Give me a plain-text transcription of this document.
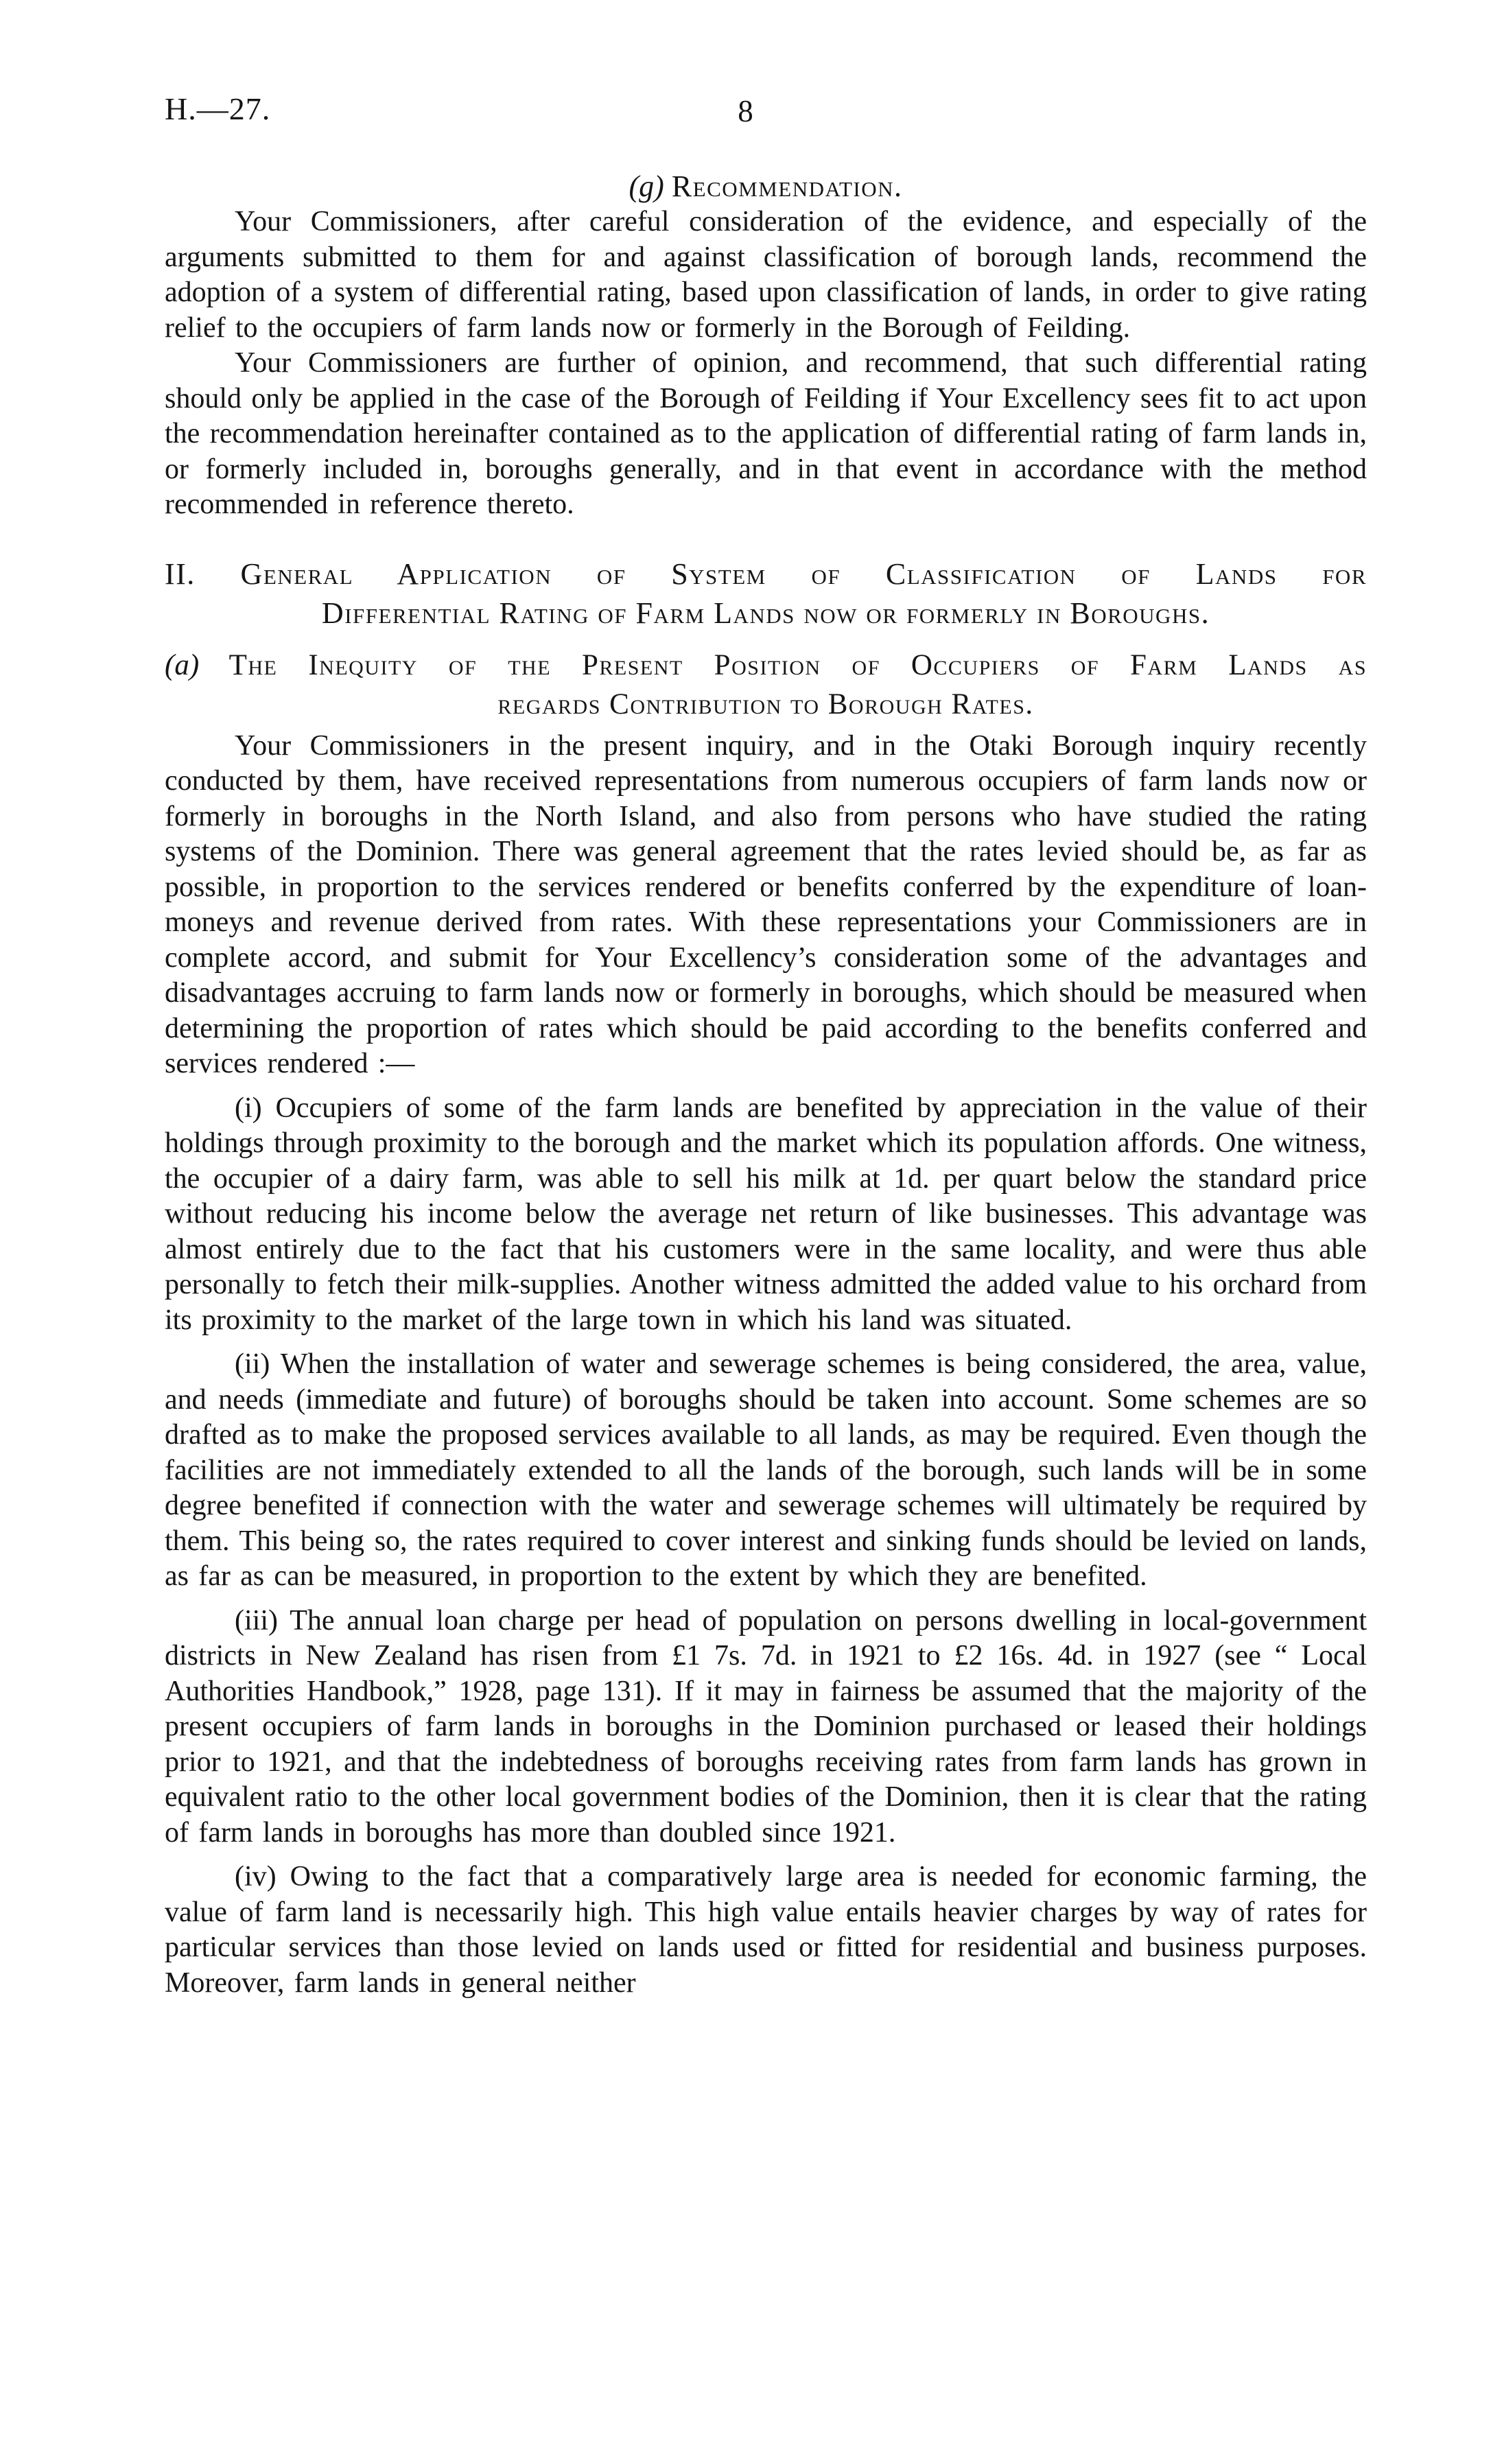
8
H.—27.
(g) Recommendation.

Your Commissioners, after careful consideration of the evidence, and especially of the arguments submitted to them for and against classification of borough lands, recommend the adoption of a system of differential rating, based upon classification of lands, in order to give rating relief to the occupiers of farm lands now or formerly in the Borough of Feilding.

Your Commissioners are further of opinion, and recommend, that such differential rating should only be applied in the case of the Borough of Feilding if Your Excellency sees fit to act upon the recommendation hereinafter contained as to the application of differential rating of farm lands in, or formerly included in, boroughs generally, and in that event in accordance with the method recommended in reference thereto.

II. General Application of System of Classification of Lands for
Differential Rating of Farm Lands now or formerly in Boroughs.
(a) The Inequity of the Present Position of Occupiers of Farm Lands as
regards Contribution to Borough Rates.

Your Commissioners in the present inquiry, and in the Otaki Borough inquiry recently conducted by them, have received representations from numerous occupiers of farm lands now or formerly in boroughs in the North Island, and also from persons who have studied the rating systems of the Dominion. There was general agreement that the rates levied should be, as far as possible, in proportion to the services rendered or benefits conferred by the expenditure of loan-moneys and revenue derived from rates. With these representations your Commissioners are in complete accord, and submit for Your Excellency’s consideration some of the advantages and disadvantages accruing to farm lands now or formerly in boroughs, which should be measured when determining the proportion of rates which should be paid according to the benefits conferred and services rendered :—

(i) Occupiers of some of the farm lands are benefited by appreciation in the value of their holdings through proximity to the borough and the market which its population affords. One witness, the occupier of a dairy farm, was able to sell his milk at 1d. per quart below the standard price without reducing his income below the average net return of like businesses. This advantage was almost entirely due to the fact that his customers were in the same locality, and were thus able personally to fetch their milk-supplies. Another witness admitted the added value to his orchard from its proximity to the market of the large town in which his land was situated.

(ii) When the installation of water and sewerage schemes is being considered, the area, value, and needs (immediate and future) of boroughs should be taken into account. Some schemes are so drafted as to make the proposed services available to all lands, as may be required. Even though the facilities are not immediately extended to all the lands of the borough, such lands will be in some degree benefited if connection with the water and sewerage schemes will ultimately be required by them. This being so, the rates required to cover interest and sinking funds should be levied on lands, as far as can be measured, in proportion to the extent by which they are benefited.

(iii) The annual loan charge per head of population on persons dwelling in local-government districts in New Zealand has risen from £1 7s. 7d. in 1921 to £2 16s. 4d. in 1927 (see “ Local Authorities Handbook,” 1928, page 131). If it may in fairness be assumed that the majority of the present occupiers of farm lands in boroughs in the Dominion purchased or leased their holdings prior to 1921, and that the indebtedness of boroughs receiving rates from farm lands has grown in equivalent ratio to the other local government bodies of the Dominion, then it is clear that the rating of farm lands in boroughs has more than doubled since 1921.

(iv) Owing to the fact that a comparatively large area is needed for economic farming, the value of farm land is necessarily high. This high value entails heavier charges by way of rates for particular services than those levied on lands used or fitted for residential and business purposes. Moreover, farm lands in general neither
